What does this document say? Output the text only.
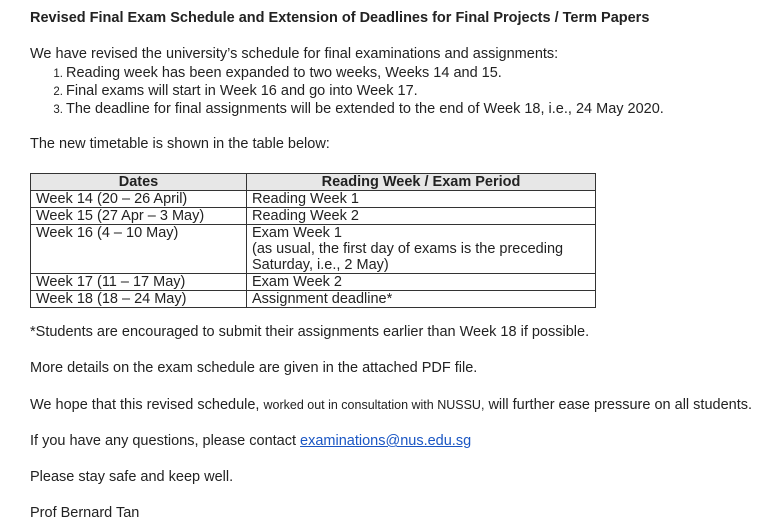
Revised Final Exam Schedule and Extension of Deadlines for Final Projects / Term Papers
We have revised the university’s schedule for final examinations and assignments:
1. Reading week has been expanded to two weeks, Weeks 14 and 15.
2. Final exams will start in Week 16 and go into Week 17.
3. The deadline for final assignments will be extended to the end of Week 18, i.e., 24 May 2020.
The new timetable is shown in the table below:
Dates	Reading Week / Exam Period
Week 14 (20 – 26 April)	Reading Week 1
Week 15 (27 Apr – 3 May)	Reading Week 2
Week 16 (4 – 10 May)	Exam Week 1
(as usual, the first day of exams is the preceding
Saturday, i.e., 2 May)

Week 17 (11 – 17 May)	Exam Week 2
Week 18 (18 – 24 May)	Assignment deadline*
*Students are encouraged to submit their assignments earlier than Week 18 if possible.
More details on the exam schedule are given in the attached PDF file.
We hope that this revised schedule, worked out in consultation with NUSSU, will further ease pressure on all students.
If you have any questions, please contact examinations@nus.edu.sg
Please stay safe and keep well.
Prof Bernard Tan
